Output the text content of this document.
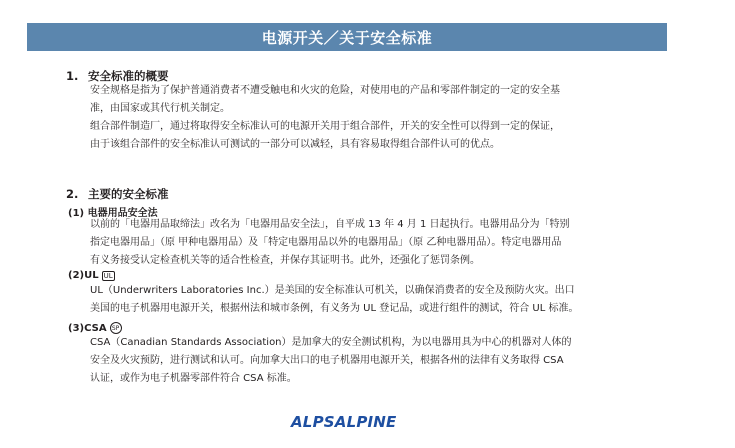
电源开关／关于安全标准
1. 安全标准的概要
安全规格是指为了保护普通消费者不遭受触电和火灾的危险，对使用电的产品和零部件制定的一定的安全基
准，由国家或其代行机关制定。
组合部件制造厂，通过将取得安全标准认可的电源开关用于组合部件，开关的安全性可以得到一定的保证，
由于该组合部件的安全标准认可测试的一部分可以减轻，具有容易取得组合部件认可的优点。
2. 主要的安全标准
(1) 电器用品安全法
以前的「电器用品取缔法」改名为「电器用品安全法」，自平成 13 年 4 月 1 日起执行。电器用品分为「特别
指定电器用品」（原 甲种电器用品）及「特定电器用品以外的电器用品」（原 乙种电器用品）。特定电器用品
有义务接受认定检查机关等的适合性检查，并保存其证明书。此外，还强化了惩罚条例。
(2)UL UL
UL（Underwriters Laboratories Inc.）是美国的安全标准认可机关，以确保消费者的安全及预防火灾。出口
美国的电子机器用电源开关，根据州法和城市条例，有义务为 UL 登记品，或进行组件的测试，符合 UL 标准。
(3)CSA SP
CSA（Canadian Standards Association）是加拿大的安全测试机构，为以电器用具为中心的机器对人体的
安全及火灾预防，进行测试和认可。向加拿大出口的电子机器用电源开关，根据各州的法律有义务取得 CSA
认证，或作为电子机器零部件符合 CSA 标准。
ALPSALPINE
